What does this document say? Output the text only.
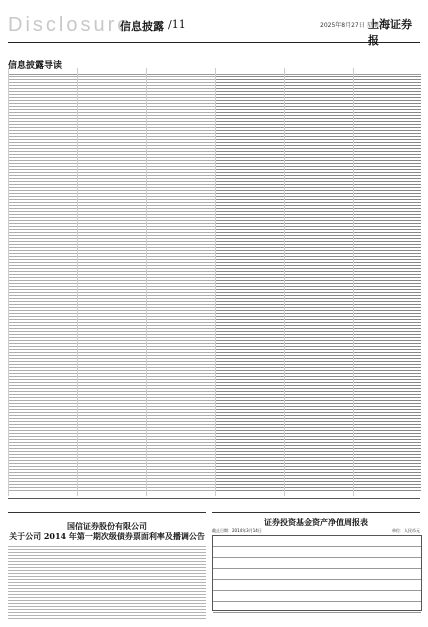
Disclosure
信息披露 /11	2025年8月27日 星期三
上海证券报
信息披露导读
国信证券股份有限公司
关于公司 2014 年第一期次级债券票面利率及播调公告
证券投资基金资产净值周报表
截止日期：2014年3月14日	单位：人民币元
